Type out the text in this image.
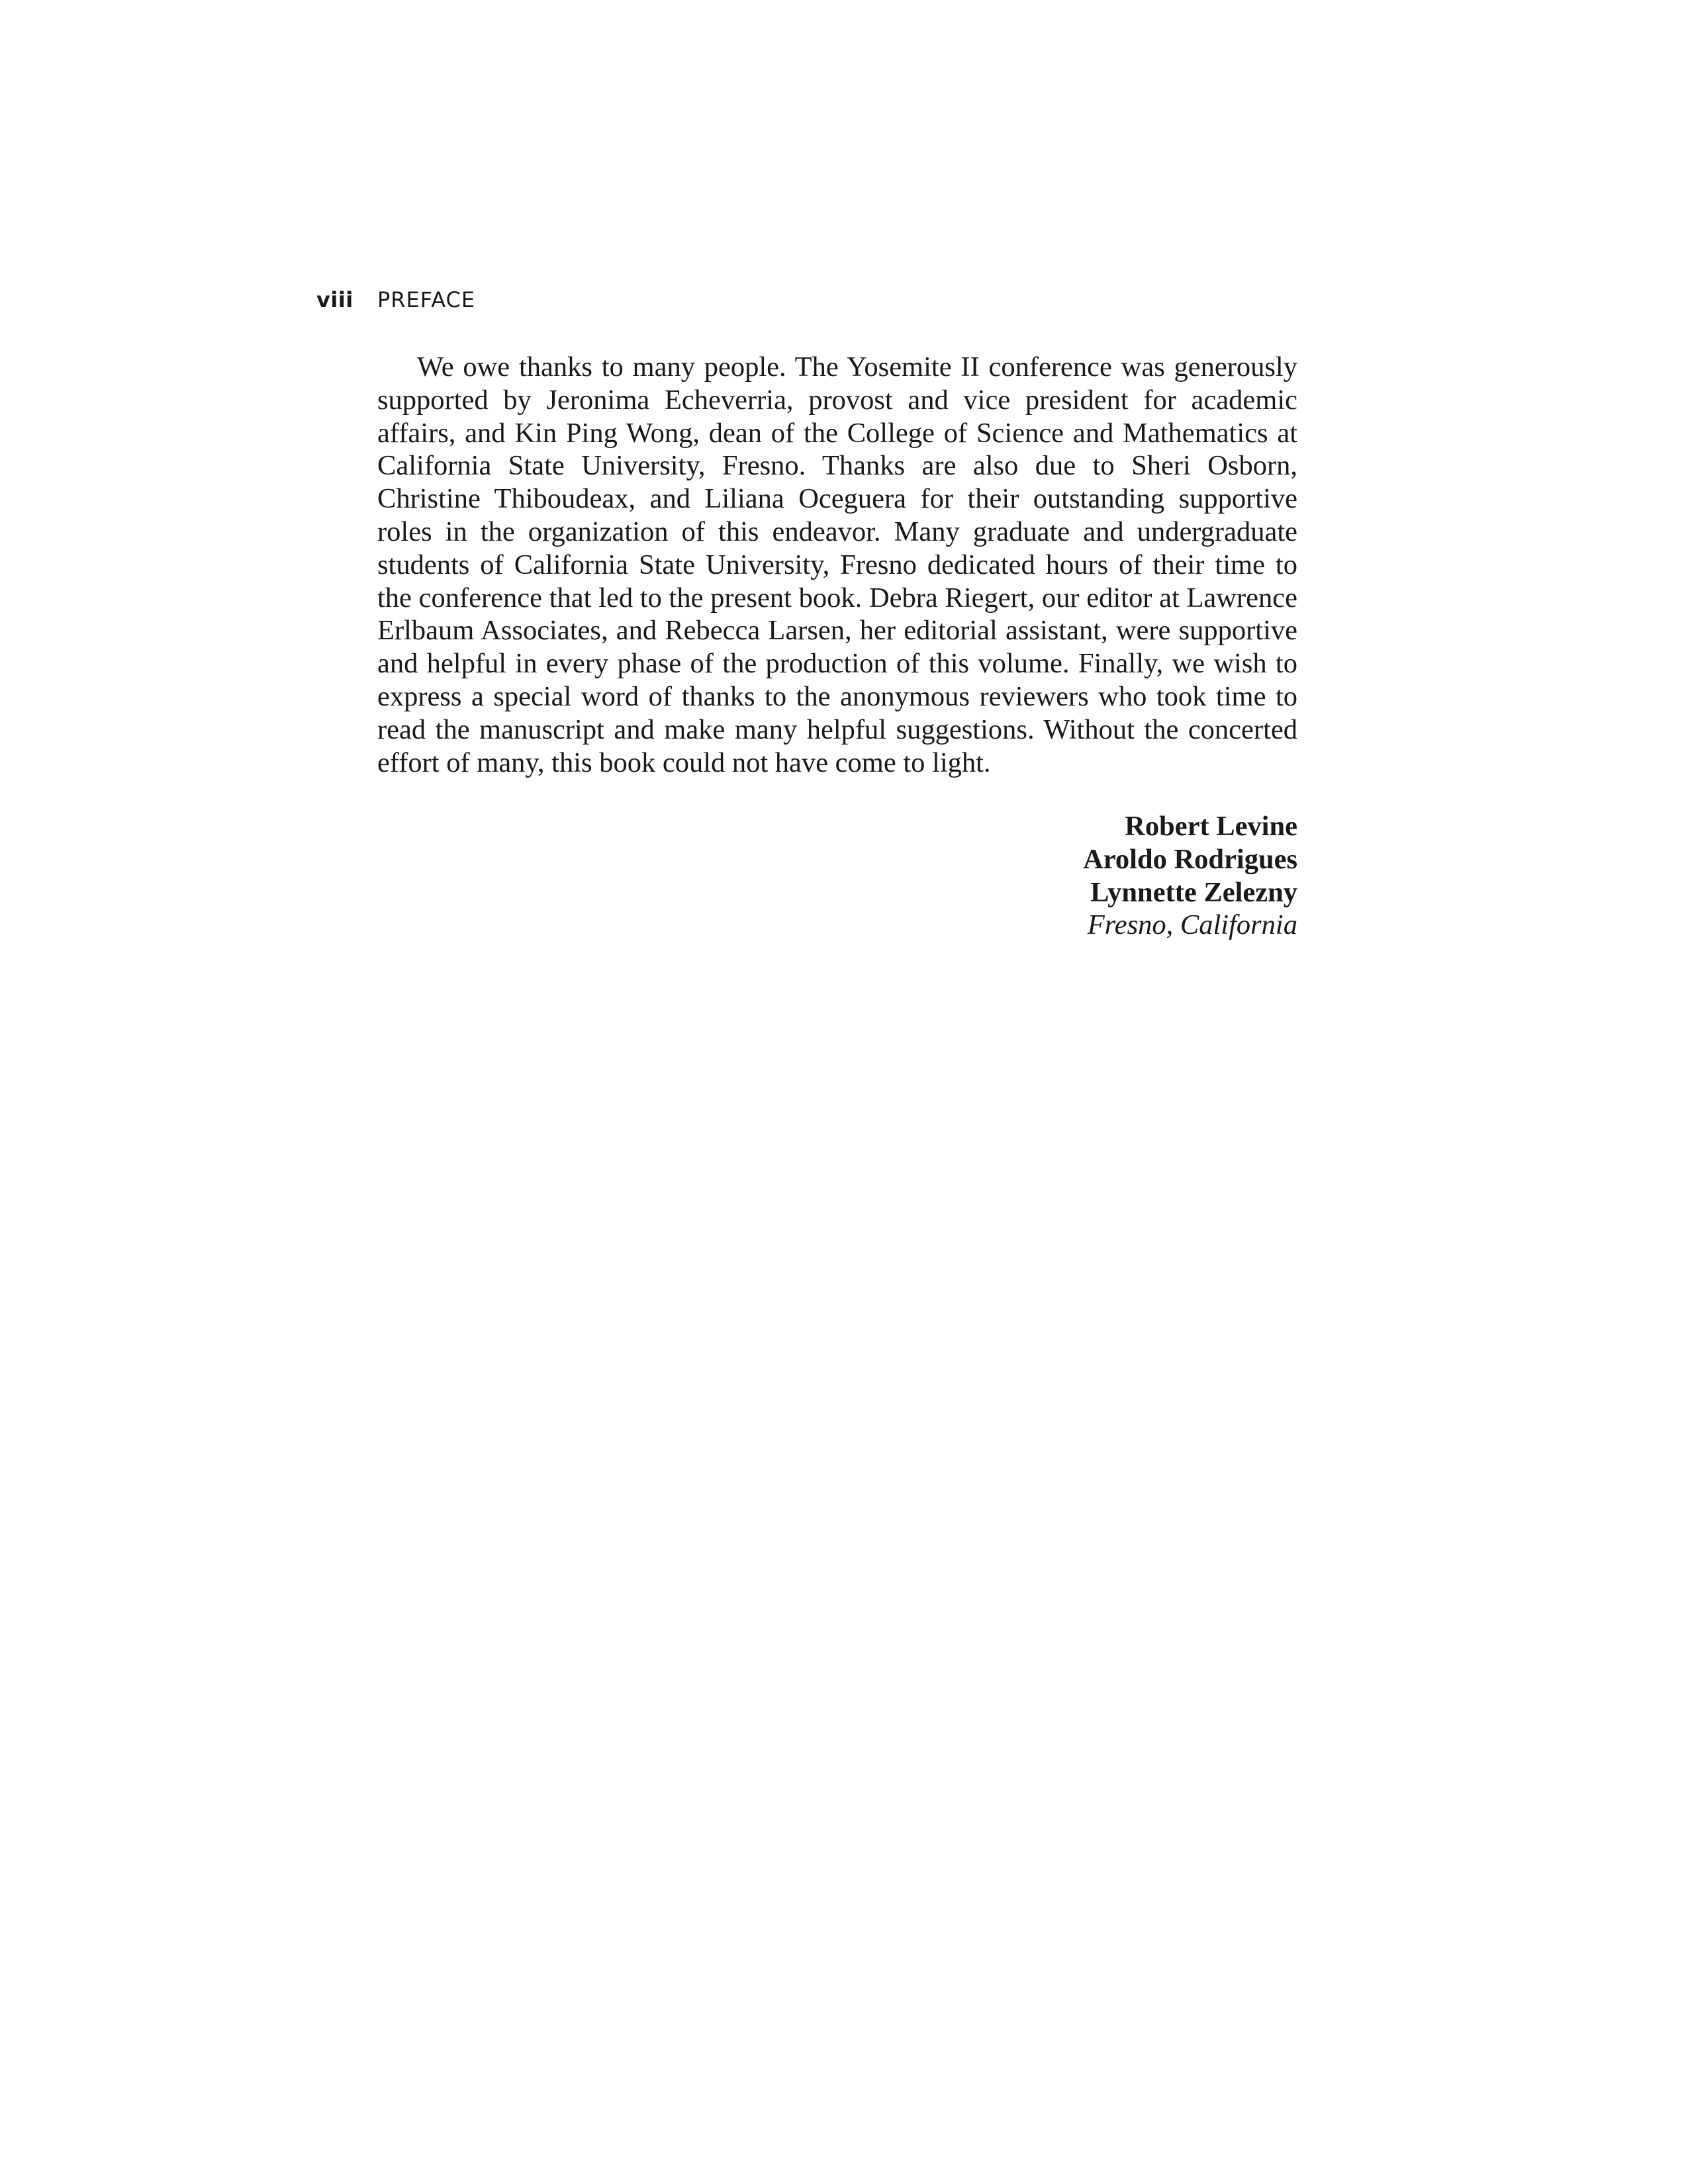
viii	PREFACE

We owe thanks to many people. The Yosemite II conference was generously supported by Jeronima Echeverria, provost and vice president for academic affairs, and Kin Ping Wong, dean of the College of Science and Mathematics at California State University, Fresno. Thanks are also due to Sheri Osborn, Christine Thiboudeax, and Liliana Oceguera for their outstanding supportive roles in the organization of this endeavor. Many graduate and undergraduate students of California State University, Fresno dedicated hours of their time to the conference that led to the present book. Debra Riegert, our editor at Lawrence Erlbaum Associates, and Rebecca Larsen, her editorial assistant, were supportive and helpful in every phase of the production of this volume. Finally, we wish to express a special word of thanks to the anonymous reviewers who took time to read the manuscript and make many helpful suggestions. Without the concerted effort of many, this book could not have come to light.

Robert Levine
Aroldo Rodrigues
Lynnette Zelezny
Fresno, California
